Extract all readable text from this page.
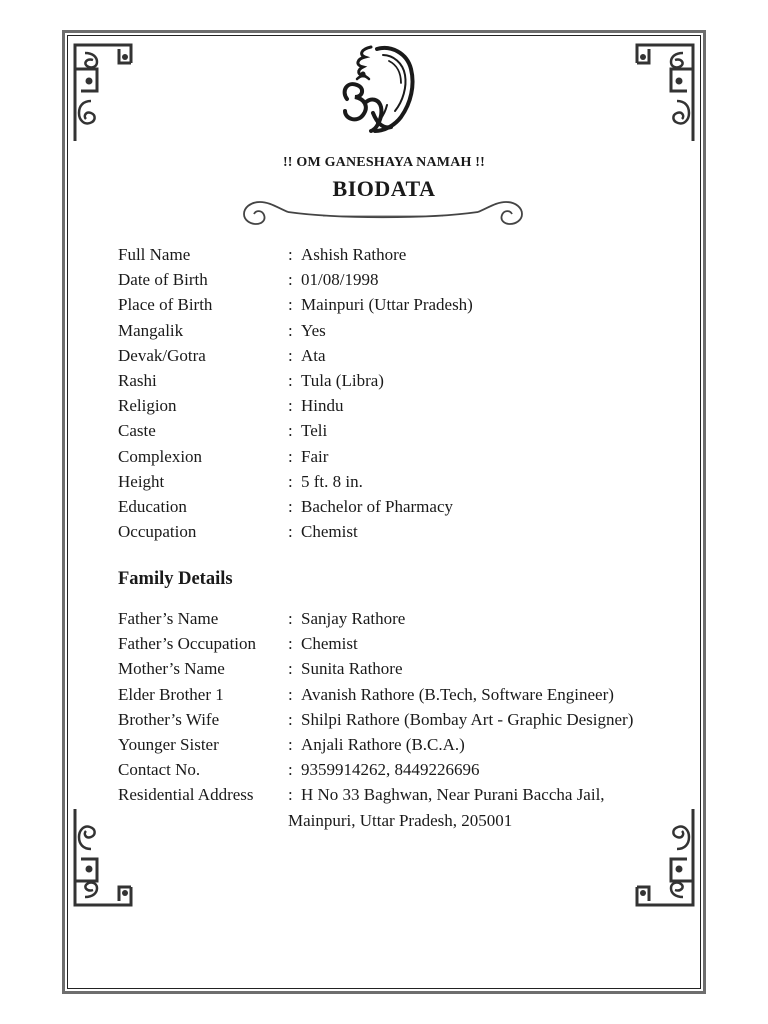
!! OM GANESHAYA NAMAH !!
BIODATA
Full Name	: Ashish Rathore
Date of Birth	: 01/08/1998
Place of Birth	: Mainpuri (Uttar Pradesh)
Mangalik	: Yes
Devak/Gotra	: Ata
Rashi	: Tula (Libra)
Religion	: Hindu
Caste	: Teli
Complexion	: Fair
Height	: 5 ft. 8 in.
Education	: Bachelor of Pharmacy
Occupation	: Chemist
Family Details
Father’s Name	: Sanjay Rathore
Father’s Occupation	: Chemist
Mother’s Name	: Sunita Rathore
Elder Brother 1	: Avanish Rathore (B.Tech, Software Engineer)
Brother’s Wife	: Shilpi Rathore (Bombay Art - Graphic Designer)
Younger Sister	: Anjali Rathore (B.C.A.)
Contact No.	: 9359914262, 8449226696
Residential Address	: H No 33 Baghwan, Near Purani Baccha Jail,
Mainpuri, Uttar Pradesh, 205001
